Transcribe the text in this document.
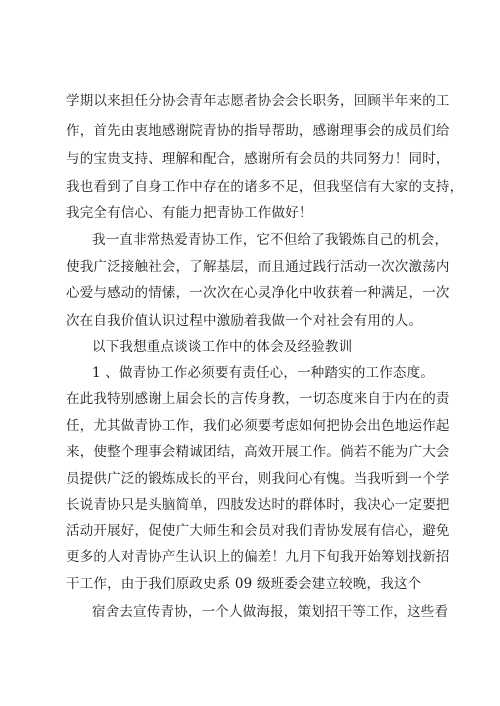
学期以来担任分协会青年志愿者协会会长职务，回顾半年来的工
作，首先由衷地感谢院青协的指导帮助，感谢理事会的成员们给
与的宝贵支持、理解和配合，感谢所有会员的共同努力！同时，
我也看到了自身工作中存在的诸多不足，但我坚信有大家的支持，
我完全有信心、有能力把青协工作做好！
我一直非常热爱青协工作，它不但给了我锻炼自己的机会，
使我广泛接触社会，了解基层，而且通过践行活动一次次激荡内
心爱与感动的情愫，一次次在心灵净化中收获着一种满足，一次
次在自我价值认识过程中激励着我做一个对社会有用的人。
以下我想重点谈谈工作中的体会及经验教训
1 、做青协工作必须要有责任心，一种踏实的工作态度。
在此我特别感谢上届会长的言传身教，一切态度来自于内在的责
任，尤其做青协工作，我们必须要考虑如何把协会出色地运作起
来，使整个理事会精诚团结，高效开展工作。倘若不能为广大会
员提供广泛的锻炼成长的平台，则我问心有愧。当我听到一个学
长说青协只是头脑简单，四肢发达时的群体时，我决心一定要把
活动开展好，促使广大师生和会员对我们青协发展有信心，避免
更多的人对青协产生认识上的偏差！九月下旬我开始筹划找新招
干工作，由于我们原政史系 09 级班委会建立较晚，我这个
宿舍去宣传青协，一个人做海报，策划招干等工作，这些看
